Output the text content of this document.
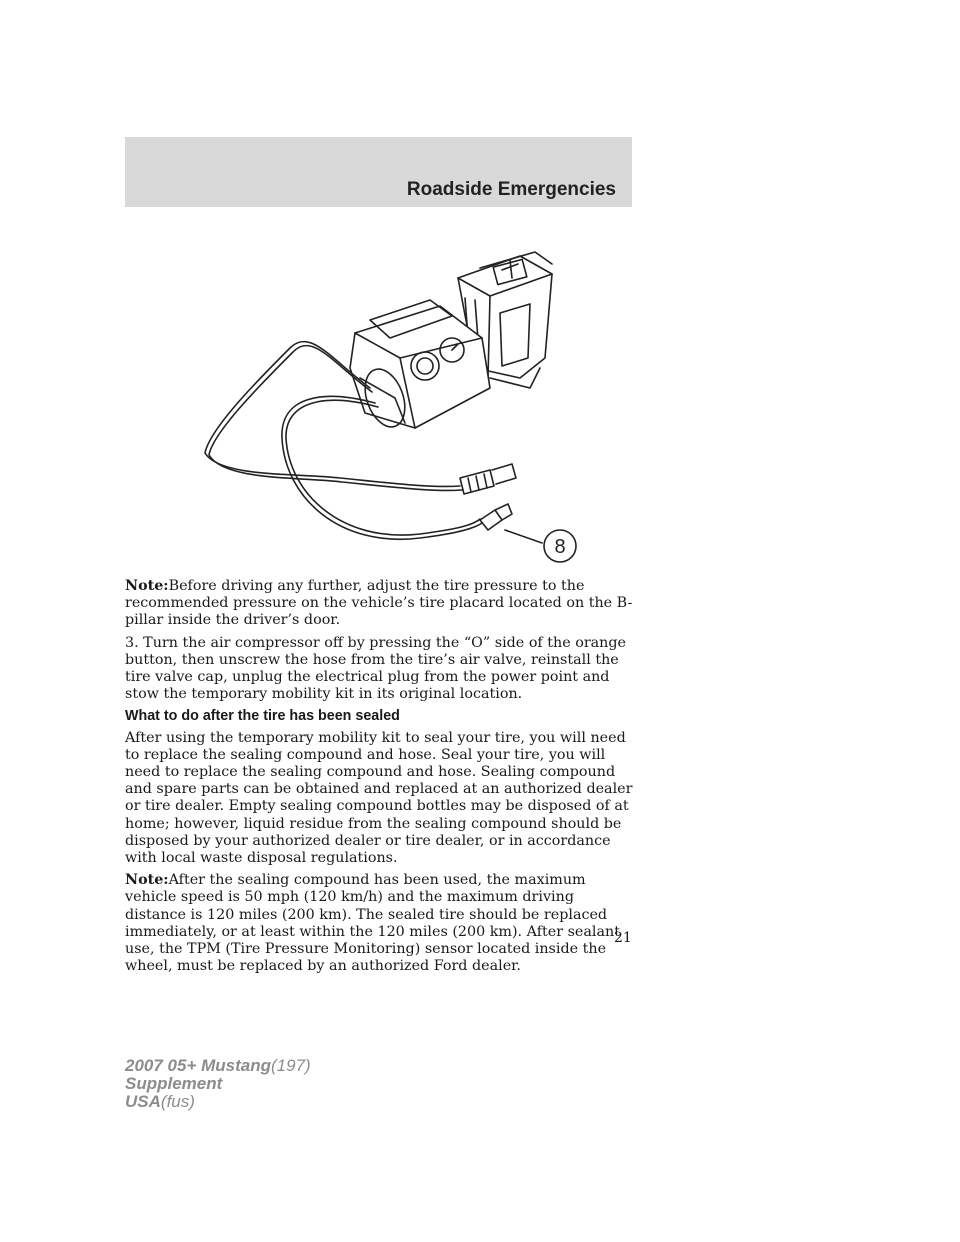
Roadside Emergencies
8

Note:Before driving any further, adjust the tire pressure to the recommended pressure on the vehicle’s tire placard located on the B-pillar inside the driver’s door.

3. Turn the air compressor off by pressing the “O” side of the orange button, then unscrew the hose from the tire’s air valve, reinstall the tire valve cap, unplug the electrical plug from the power point and stow the temporary mobility kit in its original location.

What to do after the tire has been sealed

After using the temporary mobility kit to seal your tire, you will need to replace the sealing compound and hose. Seal your tire, you will need to replace the sealing compound and hose. Sealing compound and spare parts can be obtained and replaced at an authorized dealer or tire dealer. Empty sealing compound bottles may be disposed of at home; however, liquid residue from the sealing compound should be disposed by your authorized dealer or tire dealer, or in accordance with local waste disposal regulations.

Note:After the sealing compound has been used, the maximum vehicle speed is 50 mph (120 km/h) and the maximum driving distance is 120 miles (200 km). The sealed tire should be replaced immediately, or at least within the 120 miles (200 km). After sealant use, the TPM (Tire Pressure Monitoring) sensor located inside the wheel, must be replaced by an authorized Ford dealer.

21
2007 05+ Mustang(197)
Supplement
USA(fus)
